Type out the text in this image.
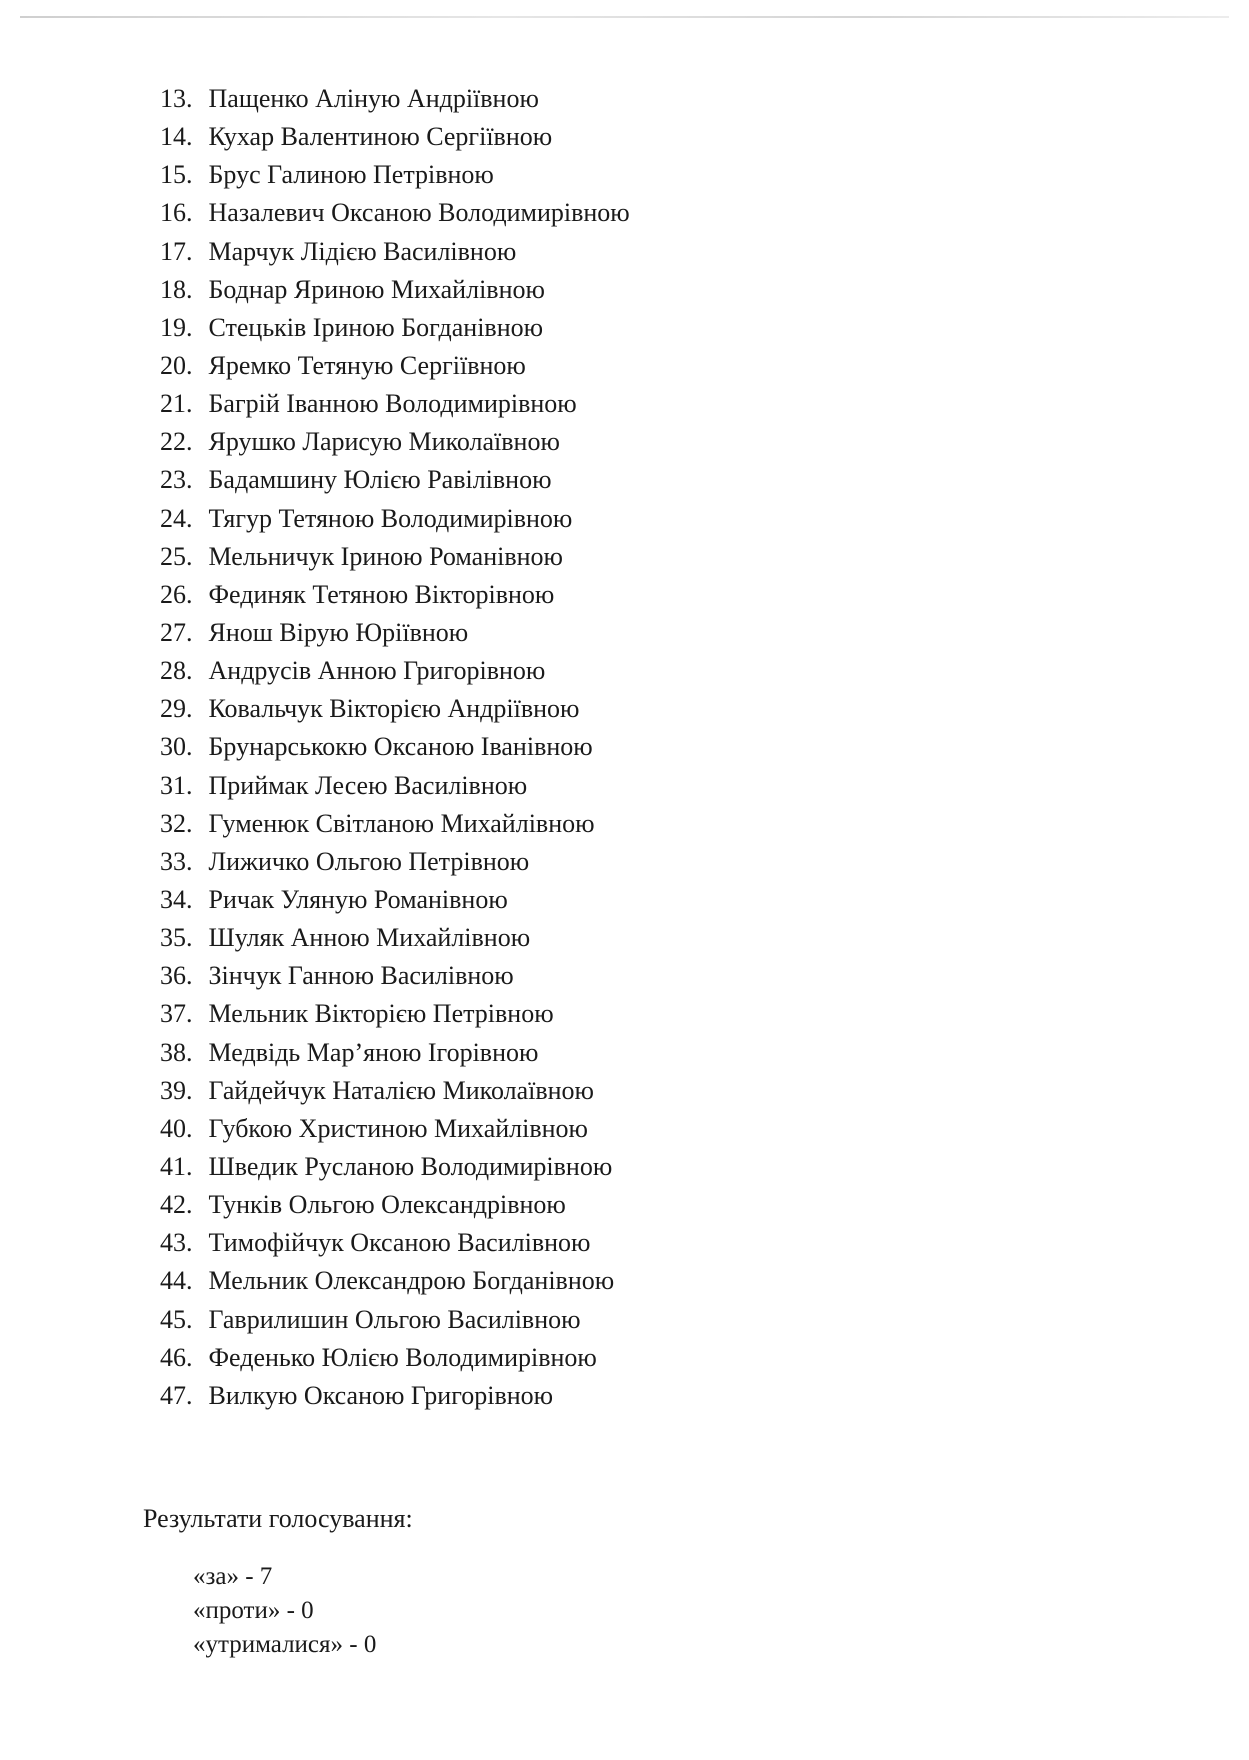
13. Пащенко Аліную Андріївною
14. Кухар Валентиною Сергіївною
15. Брус Галиною Петрівною
16. Назалевич Оксаною Володимирівною
17. Марчук Лідією Василівною
18. Боднар Яриною Михайлівною
19. Стецьків Іриною Богданівною
20. Яремко Тетяную Сергіївною
21. Багрій Іванною Володимирівною
22. Ярушко Ларисую Миколаївною
23. Бадамшину Юлією Равілівною
24. Тягур Тетяною Володимирівною
25. Мельничук Іриною Романівною
26. Фединяк Тетяною Вікторівною
27. Янош Вірую Юріївною
28. Андрусів Анною Григорівною
29. Ковальчук Вікторією Андріївною
30. Брунарськокю Оксаною Іванівною
31. Приймак Лесею Василівною
32. Гуменюк Світланою Михайлівною
33. Лижичко Ольгою Петрівною
34. Ричак Уляную Романівною
35. Шуляк Анною Михайлівною
36. Зінчук Ганною Василівною
37. Мельник Вікторією Петрівною
38. Медвідь Мар’яною Ігорівною
39. Гайдейчук Наталією Миколаївною
40. Губкою Христиною Михайлівною
41. Шведик Русланою Володимирівною
42. Тунків Ольгою Олександрівною
43. Тимофійчук Оксаною Василівною
44. Мельник Олександрою Богданівною
45. Гаврилишин Ольгою Василівною
46. Феденько Юлією Володимирівною
47. Вилкую Оксаною Григорівною
Результати голосування:
«за» - 7
«проти» - 0
«утрималися» - 0
